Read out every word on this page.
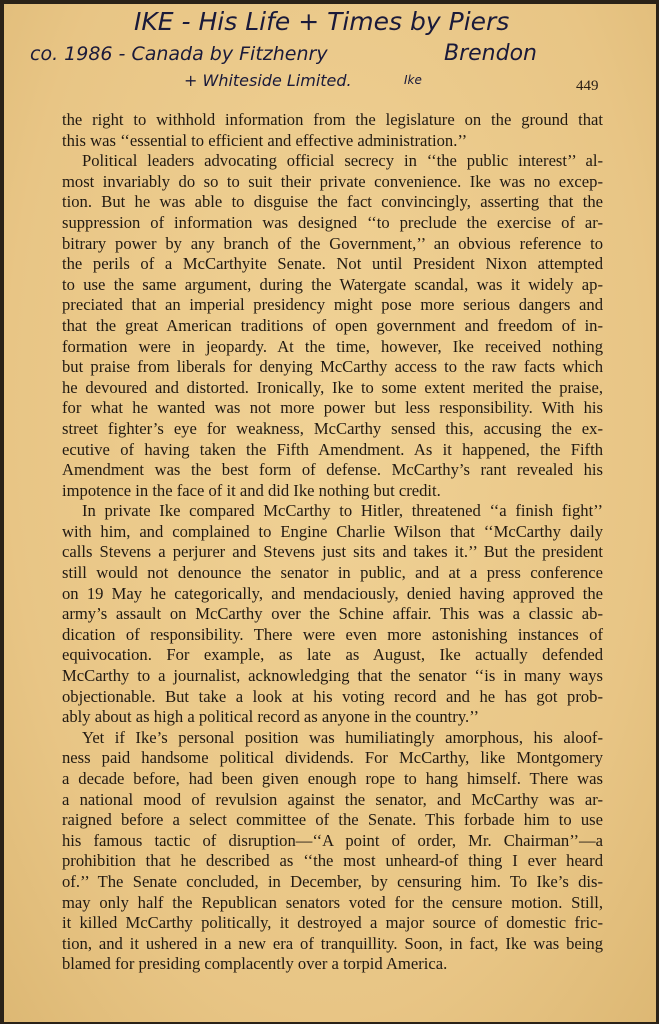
IKE - His Life + Times by Piers
co. 1986 - Canada by Fitzhenry	Brendon
+ Whiteside Limited.	Ike	449
the right to withhold information from the legislature on the ground that
this was ‘‘essential to efficient and effective administration.’’
Political leaders advocating official secrecy in ‘‘the public interest’’ al-
most invariably do so to suit their private convenience. Ike was no excep-
tion. But he was able to disguise the fact convincingly, asserting that the
suppression of information was designed ‘‘to preclude the exercise of ar-
bitrary power by any branch of the Government,’’ an obvious reference to
the perils of a McCarthyite Senate. Not until President Nixon attempted
to use the same argument, during the Watergate scandal, was it widely ap-
preciated that an imperial presidency might pose more serious dangers and
that the great American traditions of open government and freedom of in-
formation were in jeopardy. At the time, however, Ike received nothing
but praise from liberals for denying McCarthy access to the raw facts which
he devoured and distorted. Ironically, Ike to some extent merited the praise,
for what he wanted was not more power but less responsibility. With his
street fighter’s eye for weakness, McCarthy sensed this, accusing the ex-
ecutive of having taken the Fifth Amendment. As it happened, the Fifth
Amendment was the best form of defense. McCarthy’s rant revealed his
impotence in the face of it and did Ike nothing but credit.
In private Ike compared McCarthy to Hitler, threatened ‘‘a finish fight’’
with him, and complained to Engine Charlie Wilson that ‘‘McCarthy daily
calls Stevens a perjurer and Stevens just sits and takes it.’’ But the president
still would not denounce the senator in public, and at a press conference
on 19 May he categorically, and mendaciously, denied having approved the
army’s assault on McCarthy over the Schine affair. This was a classic ab-
dication of responsibility. There were even more astonishing instances of
equivocation. For example, as late as August, Ike actually defended
McCarthy to a journalist, acknowledging that the senator ‘‘is in many ways
objectionable. But take a look at his voting record and he has got prob-
ably about as high a political record as anyone in the country.’’
Yet if Ike’s personal position was humiliatingly amorphous, his aloof-
ness paid handsome political dividends. For McCarthy, like Montgomery
a decade before, had been given enough rope to hang himself. There was
a national mood of revulsion against the senator, and McCarthy was ar-
raigned before a select committee of the Senate. This forbade him to use
his famous tactic of disruption—‘‘A point of order, Mr. Chairman’’—a
prohibition that he described as ‘‘the most unheard-of thing I ever heard
of.’’ The Senate concluded, in December, by censuring him. To Ike’s dis-
may only half the Republican senators voted for the censure motion. Still,
it killed McCarthy politically, it destroyed a major source of domestic fric-
tion, and it ushered in a new era of tranquillity. Soon, in fact, Ike was being
blamed for presiding complacently over a torpid America.
